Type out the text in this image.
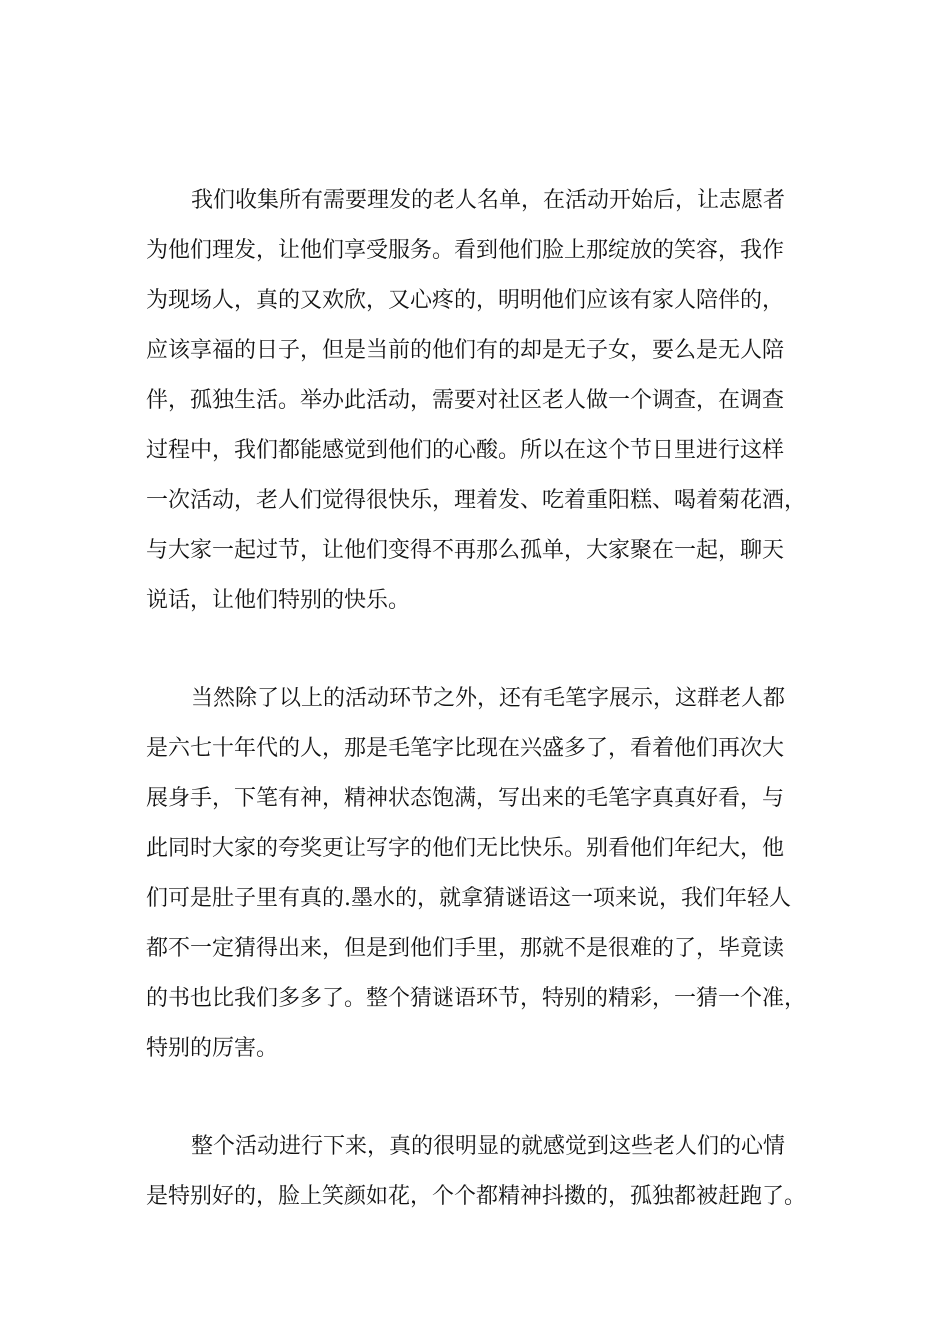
我们收集所有需要理发的老人名单，在活动开始后，让志愿者
为他们理发，让他们享受服务。看到他们脸上那绽放的笑容，我作
为现场人，真的又欢欣，又心疼的，明明他们应该有家人陪伴的，
应该享福的日子，但是当前的他们有的却是无子女，要么是无人陪
伴，孤独生活。举办此活动，需要对社区老人做一个调查，在调查
过程中，我们都能感觉到他们的心酸。所以在这个节日里进行这样
一次活动，老人们觉得很快乐，理着发、吃着重阳糕、喝着菊花酒，
与大家一起过节，让他们变得不再那么孤单，大家聚在一起，聊天
说话，让他们特别的快乐。
当然除了以上的活动环节之外，还有毛笔字展示，这群老人都
是六七十年代的人，那是毛笔字比现在兴盛多了，看着他们再次大
展身手，下笔有神，精神状态饱满，写出来的毛笔字真真好看，与
此同时大家的夸奖更让写字的他们无比快乐。别看他们年纪大，他
们可是肚子里有真的.墨水的，就拿猜谜语这一项来说，我们年轻人
都不一定猜得出来，但是到他们手里，那就不是很难的了，毕竟读
的书也比我们多多了。整个猜谜语环节，特别的精彩，一猜一个准，
特别的厉害。
整个活动进行下来，真的很明显的就感觉到这些老人们的心情
是特别好的，脸上笑颜如花，个个都精神抖擞的，孤独都被赶跑了。
